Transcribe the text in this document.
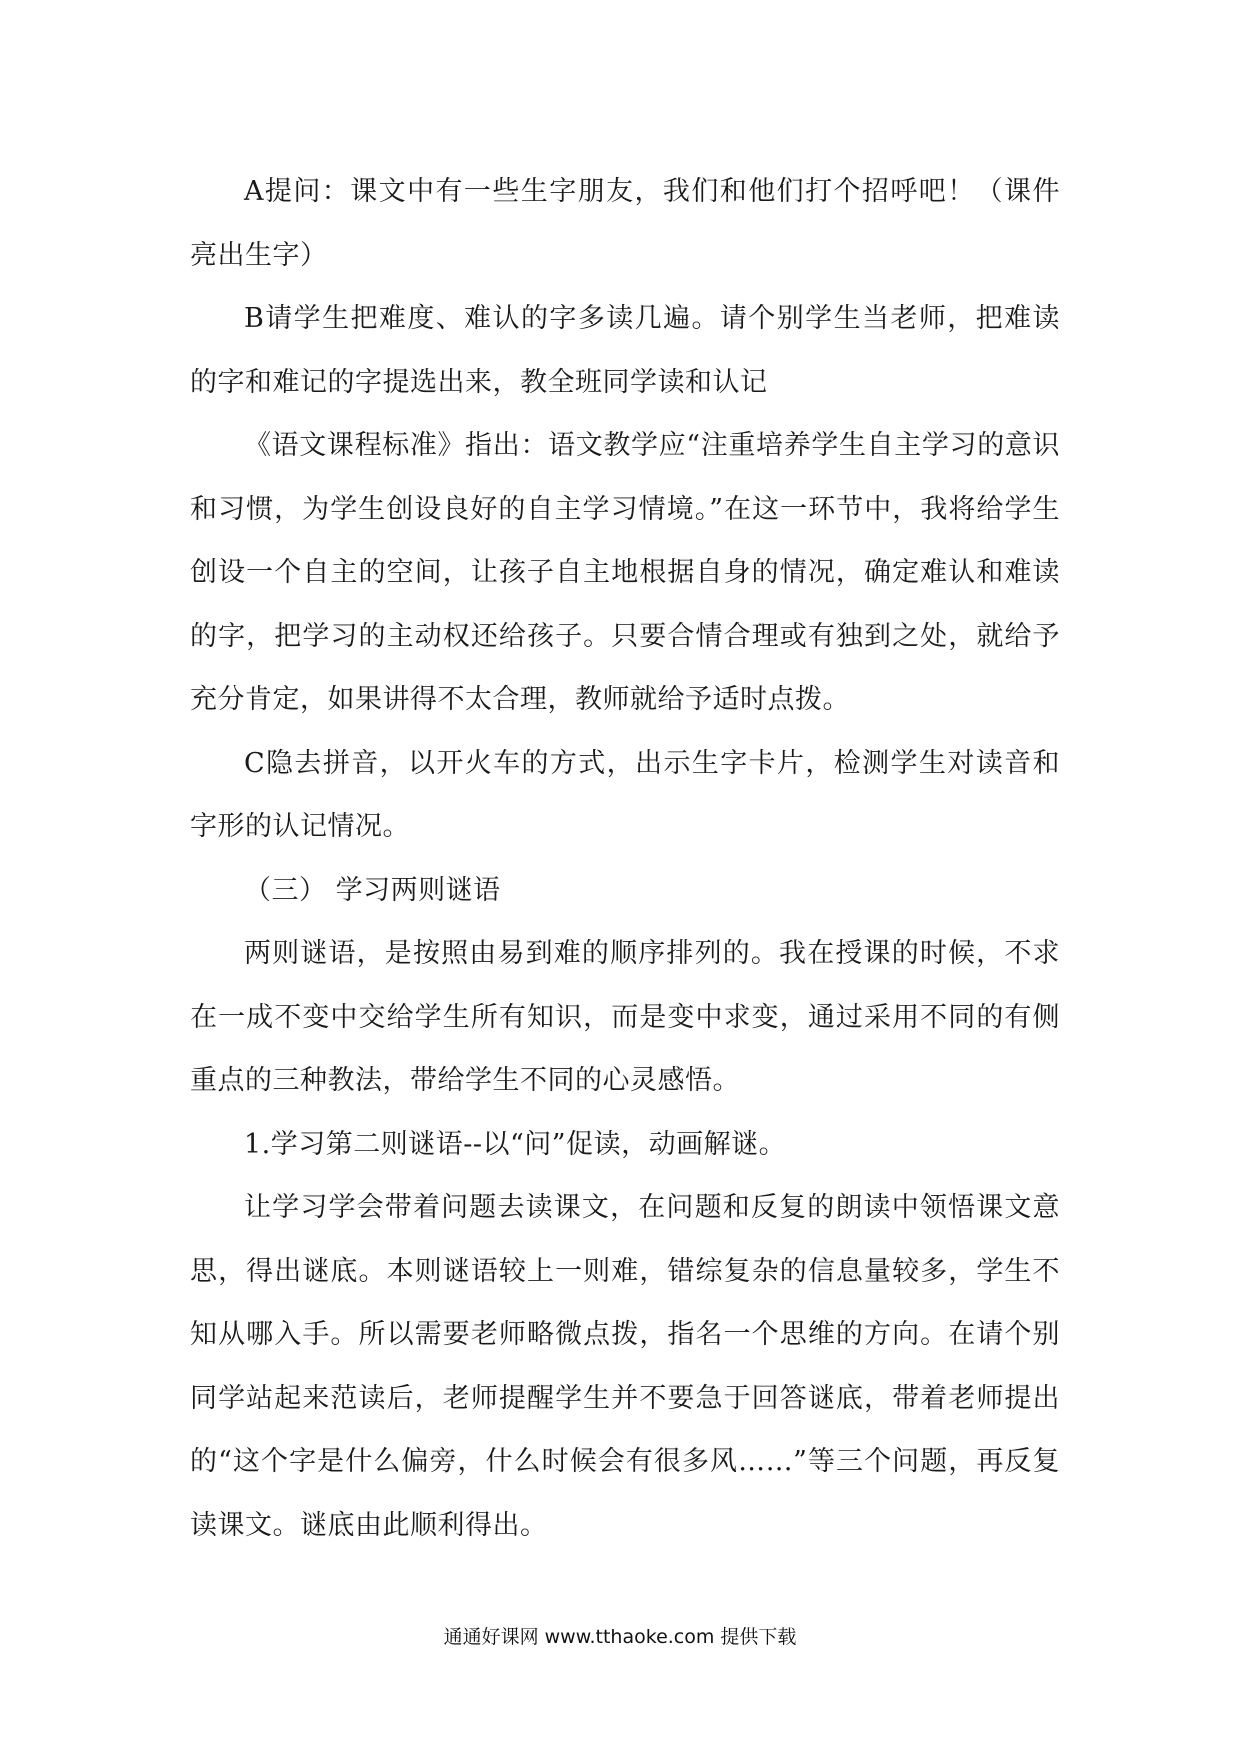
A提问：课文中有一些生字朋友，我们和他们打个招呼吧！（课件亮出生字）

B请学生把难度、难认的字多读几遍。请个别学生当老师，把难读的字和难记的字提选出来，教全班同学读和认记

《语文课程标准》指出：语文教学应“注重培养学生自主学习的意识和习惯，为学生创设良好的自主学习情境。”在这一环节中，我将给学生创设一个自主的空间，让孩子自主地根据自身的情况，确定难认和难读的字，把学习的主动权还给孩子。只要合情合理或有独到之处，就给予充分肯定，如果讲得不太合理，教师就给予适时点拨。

C隐去拼音，以开火车的方式，出示生字卡片，检测学生对读音和字形的认记情况。

（三） 学习两则谜语

两则谜语，是按照由易到难的顺序排列的。我在授课的时候，不求在一成不变中交给学生所有知识，而是变中求变，通过采用不同的有侧重点的三种教法，带给学生不同的心灵感悟。

1.学习第二则谜语--以“问”促读，动画解谜。

让学习学会带着问题去读课文，在问题和反复的朗读中领悟课文意思，得出谜底。本则谜语较上一则难，错综复杂的信息量较多，学生不知从哪入手。所以需要老师略微点拨，指名一个思维的方向。在请个别同学站起来范读后，老师提醒学生并不要急于回答谜底，带着老师提出的“这个字是什么偏旁，什么时候会有很多风……”等三个问题，再反复读课文。谜底由此顺利得出。

通通好课网 www.tthaoke.com 提供下载
